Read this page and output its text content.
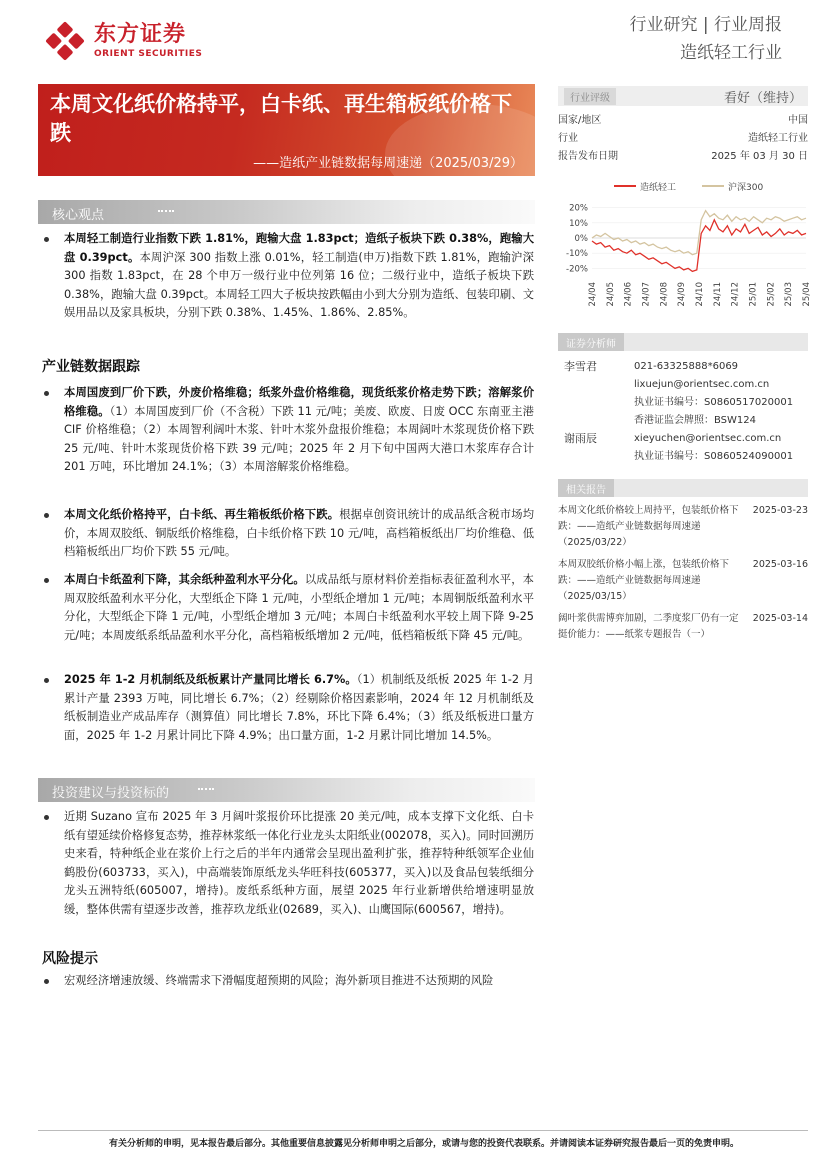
东方证券
ORIENT SECURITIES
行业研究 | 行业周报
造纸轻工行业
本周文化纸价格持平，白卡纸、再生箱板纸价格下跌
——造纸产业链数据每周速递（2025/03/29）
行业评级	看好（维持）
国家/地区	中国
行业	造纸轻工行业
报告发布日期	2025 年 03 月 30 日
造纸轻工	沪深300
20%
10%
0%
-10%
-20%
24/04 24/05 24/06 24/07 24/08 24/09 24/10 24/11 24/12 25/01 25/02 25/03 25/04
证券分析师
李雪君	021-63325888*6069
lixuejun@orientsec.com.cn
执业证书编号：S0860517020001
香港证监会牌照：BSW124
谢雨辰	xieyuchen@orientsec.com.cn
执业证书编号：S0860524090001
相关报告
本周文化纸价格较上周持平，包装纸价格下跌：——造纸产业链数据每周速递（2025/03/22）
2025-03-23
本周双胶纸价格小幅上涨，包装纸价格下跌：——造纸产业链数据每周速递（2025/03/15）
2025-03-16
阔叶浆供需博弈加剧，二季度浆厂仍有一定挺价能力：——纸浆专题报告（一）
2025-03-14
核心观点
本周轻工制造行业指数下跌 1.81%，跑输大盘 1.83pct；造纸子板块下跌 0.38%，跑输大盘 0.39pct。本周沪深 300 指数上涨 0.01%，轻工制造(申万)指数下跌 1.81%，跑输沪深 300 指数 1.83pct，在 28 个申万一级行业中位列第 16 位；二级行业中，造纸子板块下跌 0.38%，跑输大盘 0.39pct。本周轻工四大子板块按跌幅由小到大分别为造纸、包装印刷、文娱用品以及家具板块，分别下跌 0.38%、1.45%、1.86%、2.85%。
产业链数据跟踪
本周国废到厂价下跌，外废价格维稳；纸浆外盘价格维稳，现货纸浆价格走势下跌；溶解浆价格维稳。（1）本周国废到厂价（不含税）下跌 11 元/吨；美废、欧废、日废 OCC 东南亚主港 CIF 价格维稳；（2）本周智利阔叶木浆、针叶木浆外盘报价维稳；本周阔叶木浆现货价格下跌 25 元/吨、针叶木浆现货价格下跌 39 元/吨；2025 年 2 月下旬中国两大港口木浆库存合计 201 万吨，环比增加 24.1%；（3）本周溶解浆价格维稳。
本周文化纸价格持平，白卡纸、再生箱板纸价格下跌。根据卓创资讯统计的成品纸含税市场均价，本周双胶纸、铜版纸价格维稳，白卡纸价格下跌 10 元/吨，高档箱板纸出厂均价维稳、低档箱板纸出厂均价下跌 55 元/吨。
本周白卡纸盈利下降，其余纸种盈利水平分化。以成品纸与原材料价差指标表征盈利水平，本周双胶纸盈利水平分化，大型纸企下降 1 元/吨，小型纸企增加 1 元/吨；本周铜版纸盈利水平分化，大型纸企下降 1 元/吨，小型纸企增加 3 元/吨；本周白卡纸盈利水平较上周下降 9-25 元/吨；本周废纸系纸品盈利水平分化，高档箱板纸增加 2 元/吨，低档箱板纸下降 45 元/吨。
2025 年 1-2 月机制纸及纸板累计产量同比增长 6.7%。（1）机制纸及纸板 2025 年 1-2 月累计产量 2393 万吨，同比增长 6.7%；（2）经剔除价格因素影响，2024 年 12 月机制纸及纸板制造业产成品库存（测算值）同比增长 7.8%，环比下降 6.4%；（3）纸及纸板进口量方面，2025 年 1-2 月累计同比下降 4.9%；出口量方面，1-2 月累计同比增加 14.5%。
投资建议与投资标的
近期 Suzano 宣布 2025 年 3 月阔叶浆报价环比提涨 20 美元/吨，成本支撑下文化纸、白卡纸有望延续价格修复态势，推荐林浆纸一体化行业龙头太阳纸业(002078，买入)。同时回溯历史来看，特种纸企业在浆价上行之后的半年内通常会呈现出盈利扩张，推荐特种纸领军企业仙鹤股份(603733，买入)，中高端装饰原纸龙头华旺科技(605377，买入)以及食品包装纸细分龙头五洲特纸(605007，增持)。废纸系纸种方面，展望 2025 年行业新增供给增速明显放缓，整体供需有望逐步改善，推荐玖龙纸业(02689，买入)、山鹰国际(600567，增持)。
风险提示
宏观经济增速放缓、终端需求下滑幅度超预期的风险；海外新项目推进不达预期的风险
有关分析师的申明，见本报告最后部分。其他重要信息披露见分析师申明之后部分，或请与您的投资代表联系。并请阅读本证券研究报告最后一页的免责申明。
